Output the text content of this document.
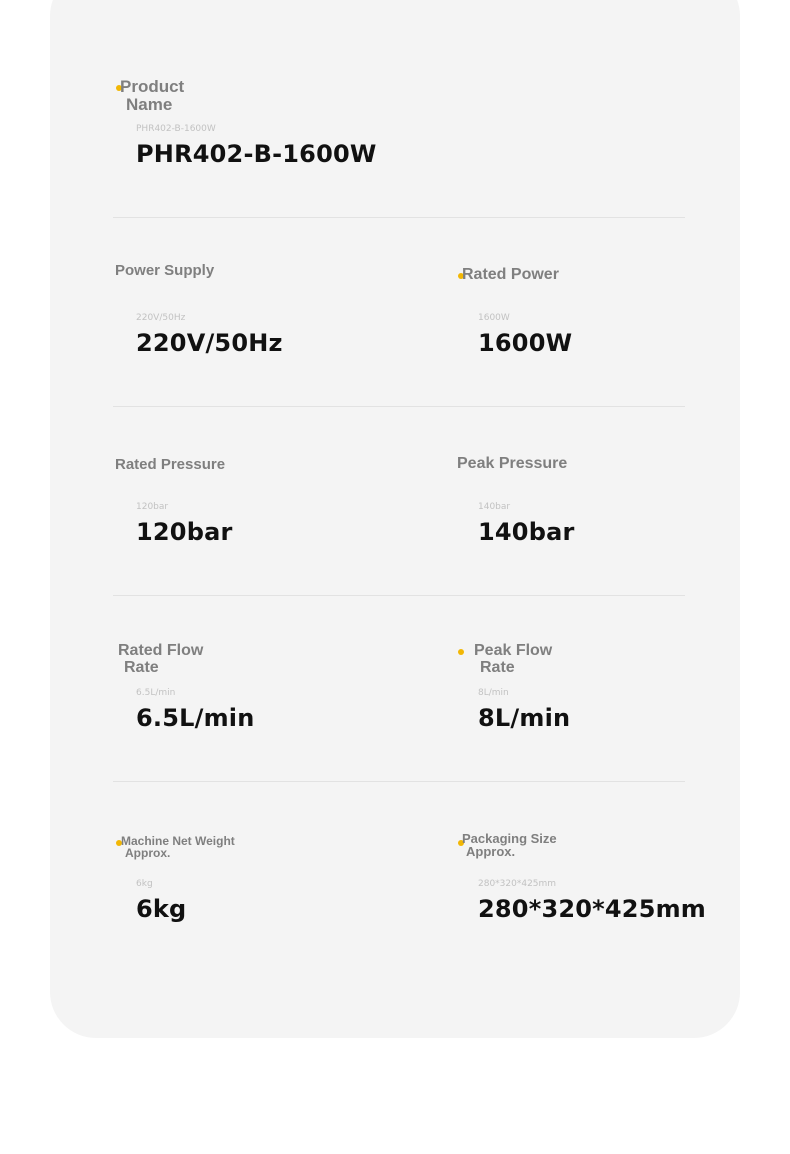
Product
Name
PHR402-B-1600W
PHR402-B-1600W
Power Supply
220V/50Hz
220V/50Hz
Rated Power
1600W
1600W
Rated Pressure
120bar
120bar
Peak Pressure
140bar
140bar
Rated Flow
Rate
6.5L/min
6.5L/min
Peak Flow
Rate
8L/min
8L/min
Machine Net Weight
Approx.
6kg
6kg
Packaging Size
Approx.
280*320*425mm
280*320*425mm
